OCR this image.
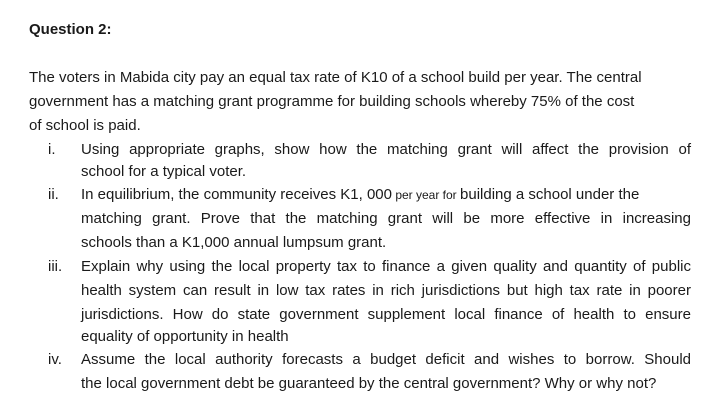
Question 2:
The voters in Mabida city pay an equal tax rate of K10 of a school build per year. The central
government has a matching grant programme for building schools whereby 75% of the cost
of school is paid.
i. Using appropriate graphs, show how the matching grant will affect the provision of
school for a typical voter.
ii. In equilibrium, the community receives K1, 000 per year for building a school under the
matching grant. Prove that the matching grant will be more effective in increasing
schools than a K1,000 annual lumpsum grant.
iii. Explain why using the local property tax to finance a given quality and quantity of public
health system can result in low tax rates in rich jurisdictions but high tax rate in poorer
jurisdictions. How do state government supplement local finance of health to ensure
equality of opportunity in health
iv. Assume the local authority forecasts a budget deficit and wishes to borrow. Should
the local government debt be guaranteed by the central government? Why or why not?
